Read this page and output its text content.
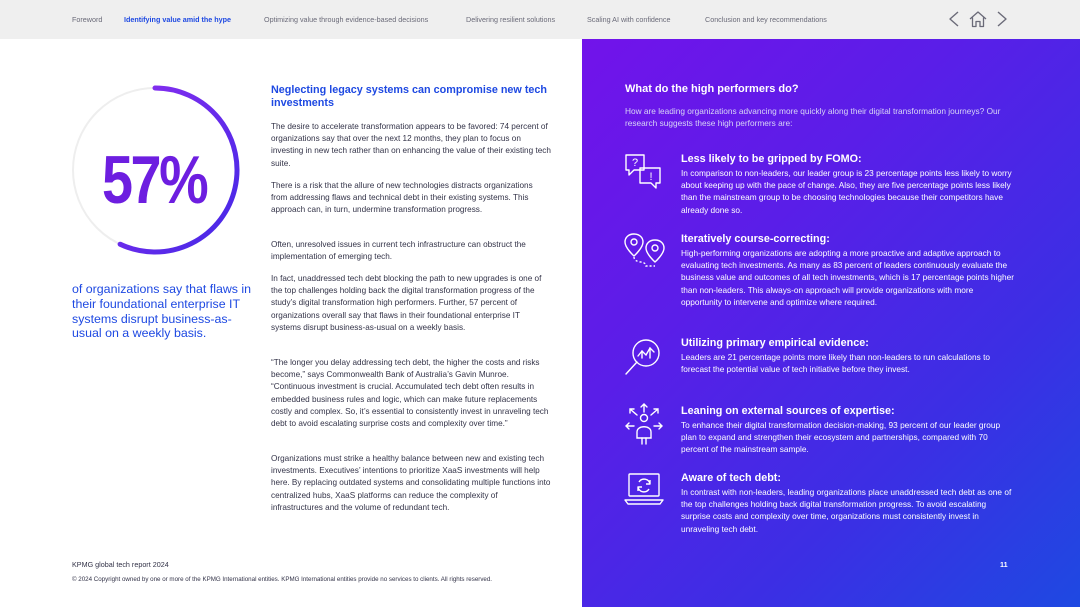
Foreword	Identifying value amid the hype	Optimizing value through evidence-based decisions	Delivering resilient solutions	Scaling AI with confidence	Conclusion and key recommendations
57%
of organizations say that flaws in their foundational enterprise IT systems disrupt business-as-usual on a weekly basis.
Neglecting legacy systems can compromise new tech investments

The desire to accelerate transformation appears to be favored: 74 percent of organizations say that over the next 12 months, they plan to focus on investing in new tech rather than on enhancing the value of their existing tech suite.

There is a risk that the allure of new technologies distracts organizations from addressing flaws and technical debt in their existing systems. This approach can, in turn, undermine transformation progress.

Often, unresolved issues in current tech infrastructure can obstruct the implementation of emerging tech.

In fact, unaddressed tech debt blocking the path to new upgrades is one of the top challenges holding back the digital transformation progress of the study’s digital transformation high performers. Further, 57 percent of organizations overall say that flaws in their foundational enterprise IT systems disrupt business-as-usual on a weekly basis.

“The longer you delay addressing tech debt, the higher the costs and risks become,” says Commonwealth Bank of Australia’s Gavin Munroe. “Continuous investment is crucial. Accumulated tech debt often results in embedded business rules and logic, which can make future replacements costly and complex. So, it’s essential to consistently invest in unraveling tech debt to avoid escalating surprise costs and complexity over time.”

Organizations must strike a healthy balance between new and existing tech investments. Executives’ intentions to prioritize XaaS investments will help here. By replacing outdated systems and consolidating multiple functions into centralized hubs, XaaS platforms can reduce the complexity of infrastructures and the volume of redundant tech.

What do the high performers do?
How are leading organizations advancing more quickly along their digital transformation journeys? Our research suggests these high performers are:
?
!
Less likely to be gripped by FOMO:
In comparison to non-leaders, our leader group is 23 percentage points less likely to worry about keeping up with the pace of change. Also, they are five percentage points less likely than the mainstream group to be choosing technologies because their competitors have already done so.
Iteratively course-correcting:
High-performing organizations are adopting a more proactive and adaptive approach to evaluating tech investments. As many as 83 percent of leaders continuously evaluate the business value and outcomes of all tech investments, which is 17 percentage points higher than non-leaders. This always-on approach will provide organizations with more opportunity to intervene and optimize where required.
Utilizing primary empirical evidence:
Leaders are 21 percentage points more likely than non-leaders to run calculations to forecast the potential value of tech initiative before they invest.
Leaning on external sources of expertise:
To enhance their digital transformation decision-making, 93 percent of our leader group plan to expand and strengthen their ecosystem and partnerships, compared with 70 percent of the mainstream sample.
Aware of tech debt:
In contrast with non-leaders, leading organizations place unaddressed tech debt as one of the top challenges holding back digital transformation progress. To avoid escalating surprise costs and complexity over time, organizations must consistently invest in unraveling tech debt.
KPMG global tech report 2024
© 2024 Copyright owned by one or more of the KPMG International entities. KPMG International entities provide no services to clients. All rights reserved.
11
